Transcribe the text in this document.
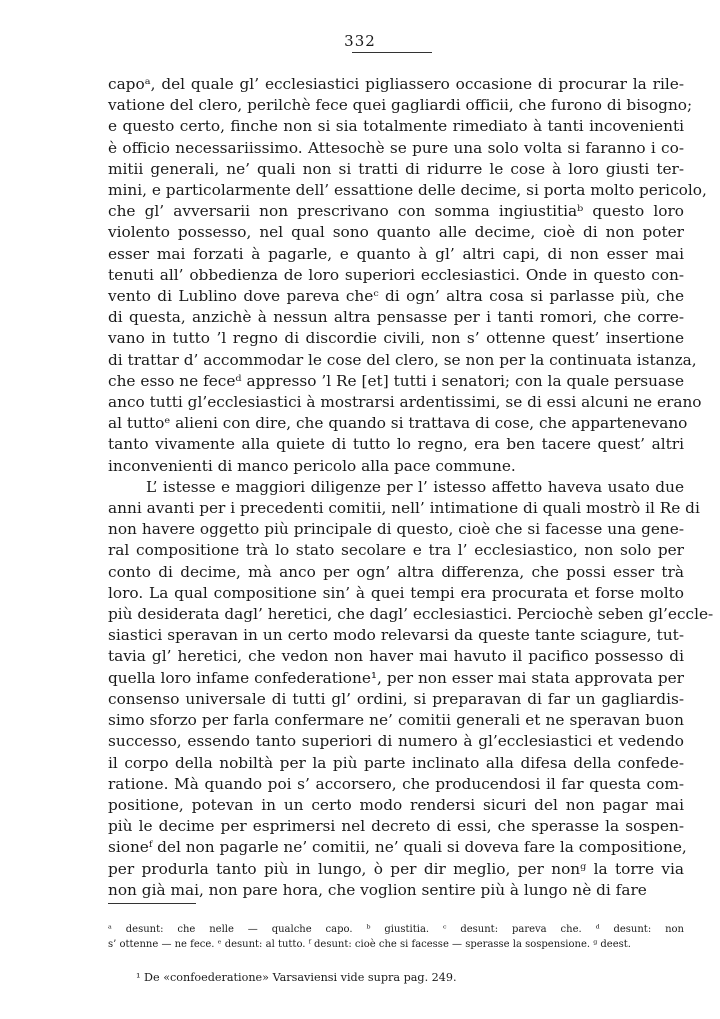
332
capoᵃ, del quale gl’ ecclesiastici pigliassero occasione di procurar la rile-
vatione del clero, perilchè fece quei gagliardi officii, che furono di bisogno;
e questo certo, finche non si sia totalmente rimediato à tanti incovenienti
è officio necessariissimo. Attesochè se pure una solo volta si faranno i co-
mitii generali, ne’ quali non si tratti di ridurre le cose à loro giusti ter-
mini, e particolarmente dell’ essattione delle decime, si porta molto pericolo,
che gl’ avversarii non prescrivano con somma ingiustitiaᵇ questo loro
violento possesso, nel qual sono quanto alle decime, cioè di non poter
esser mai forzati à pagarle, e quanto à gl’ altri capi, di non esser mai
tenuti all’ obbedienza de loro superiori ecclesiastici. Onde in questo con-
vento di Lublino dove pareva cheᶜ di ogn’ altra cosa si parlasse più, che
di questa, anzichè à nessun altra pensasse per i tanti romori, che corre-
vano in tutto ’l regno di discordie civili, non s’ ottenne quest’ insertione
di trattar d’ accommodar le cose del clero, se non per la continuata istanza,
che esso ne feceᵈ appresso ’l Re [et] tutti i senatori; con la quale persuase
anco tutti gl’ecclesiastici à mostrarsi ardentissimi, se di essi alcuni ne erano
al tuttoᵉ alieni con dire, che quando si trattava di cose, che appartenevano
tanto vivamente alla quiete di tutto lo regno, era ben tacere quest’ altri
inconvenienti di manco pericolo alla pace commune.
L’ istesse e maggiori diligenze per l’ istesso affetto haveva usato due
anni avanti per i precedenti comitii, nell’ intimatione di quali mostrò il Re di
non havere oggetto più principale di questo, cioè che si facesse una gene-
ral compositione trà lo stato secolare e tra l’ ecclesiastico, non solo per
conto di decime, mà anco per ogn’ altra differenza, che possi esser trà
loro. La qual compositione sin’ à quei tempi era procurata et forse molto
più desiderata dagl’ heretici, che dagl’ ecclesiastici. Perciochè seben gl’eccle-
siastici speravan in un certo modo relevarsi da queste tante sciagure, tut-
tavia gl’ heretici, che vedon non haver mai havuto il pacifico possesso di
quella loro infame confederatione¹, per non esser mai stata approvata per
consenso universale di tutti gl’ ordini, si preparavan di far un gagliardis-
simo sforzo per farla confermare ne’ comitii generali et ne speravan buon
successo, essendo tanto superiori di numero à gl’ecclesiastici et vedendo
il corpo della nobiltà per la più parte inclinato alla difesa della confede-
ratione. Mà quando poi s’ accorsero, che producendosi il far questa com-
positione, potevan in un certo modo rendersi sicuri del non pagar mai
più le decime per esprimersi nel decreto di essi, che sperasse la sospen-
sioneᶠ del non pagarle ne’ comitii, ne’ quali si doveva fare la compositione,
per produrla tanto più in lungo, ò per dir meglio, per nonᵍ la torre via
non già mai, non pare hora, che voglion sentire più à lungo nè di fare
ᵃ desunt: che nelle — qualche capo. ᵇ giustitia. ᶜ desunt: pareva che. ᵈ desunt: non
s’ ottenne — ne fece. ᵉ desunt: al tutto. ᶠ desunt: cioè che si facesse — sperasse la sospensione. ᵍ deest.
¹ De «confoederatione» Varsaviensi vide supra pag. 249.
